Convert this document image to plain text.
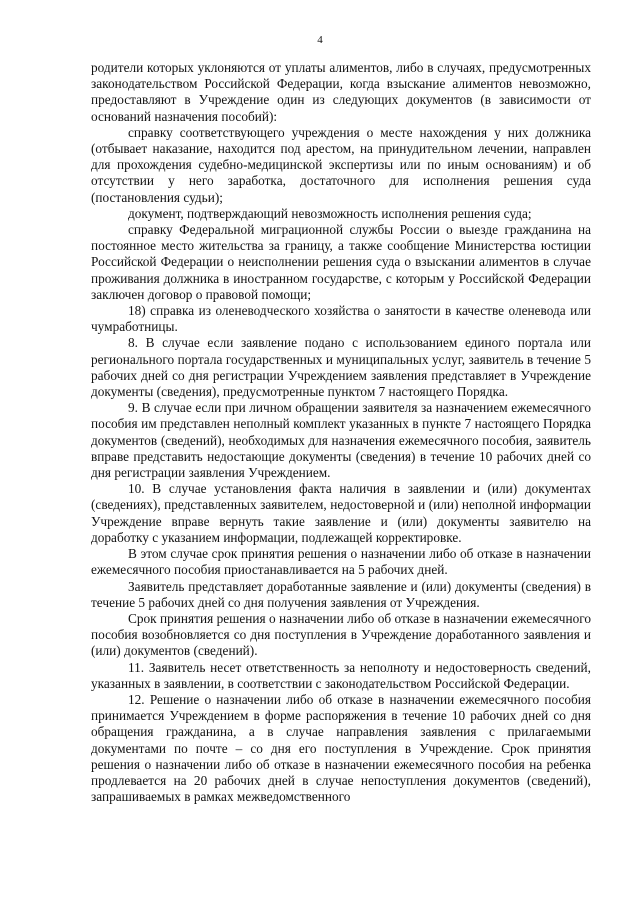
4

родители которых уклоняются от уплаты алиментов, либо в случаях, предусмотренных законодательством Российской Федерации, когда взыскание алиментов невозможно, предоставляют в Учреждение один из следующих документов (в зависимости от оснований назначения пособий):

справку соответствующего учреждения о месте нахождения у них должника (отбывает наказание, находится под арестом, на принудительном лечении, направлен для прохождения судебно-медицинской экспертизы или по иным основаниям) и об отсутствии у него заработка, достаточного для исполнения решения суда (постановления судьи);

документ, подтверждающий невозможность исполнения решения суда;

справку Федеральной миграционной службы России о выезде гражданина на постоянное место жительства за границу, а также сообщение Министерства юстиции Российской Федерации о неисполнении решения суда о взыскании алиментов в случае проживания должника в иностранном государстве, с которым у Российской Федерации заключен договор о правовой помощи;

18) справка из оленеводческого хозяйства о занятости в качестве оленевода или чумработницы.

8. В случае если заявление подано с использованием единого портала или регионального портала государственных и муниципальных услуг, заявитель в течение 5 рабочих дней со дня регистрации Учреждением заявления представляет в Учреждение документы (сведения), предусмотренные пунктом 7 настоящего Порядка.

9. В случае если при личном обращении заявителя за назначением ежемесячного пособия им представлен неполный комплект указанных в пункте 7 настоящего Порядка документов (сведений), необходимых для назначения ежемесячного пособия, заявитель вправе представить недостающие документы (сведения) в течение 10 рабочих дней со дня регистрации заявления Учреждением.

10. В случае установления факта наличия в заявлении и (или) документах (сведениях), представленных заявителем, недостоверной и (или) неполной информации Учреждение вправе вернуть такие заявление и (или) документы заявителю на доработку с указанием информации, подлежащей корректировке.

В этом случае срок принятия решения о назначении либо об отказе в назначении ежемесячного пособия приостанавливается на 5 рабочих дней.

Заявитель представляет доработанные заявление и (или) документы (сведения) в течение 5 рабочих дней со дня получения заявления от Учреждения.

Срок принятия решения о назначении либо об отказе в назначении ежемесячного пособия возобновляется со дня поступления в Учреждение доработанного заявления и (или) документов (сведений).

11. Заявитель несет ответственность за неполноту и недостоверность сведений, указанных в заявлении, в соответствии с законодательством Российской Федерации.

12. Решение о назначении либо об отказе в назначении ежемесячного пособия принимается Учреждением в форме распоряжения в течение 10 рабочих дней со дня обращения гражданина, а в случае направления заявления с прилагаемыми документами по почте – со дня его поступления в Учреждение. Срок принятия решения о назначении либо об отказе в назначении ежемесячного пособия на ребенка продлевается на 20 рабочих дней в случае непоступления документов (сведений), запрашиваемых в рамках межведомственного
